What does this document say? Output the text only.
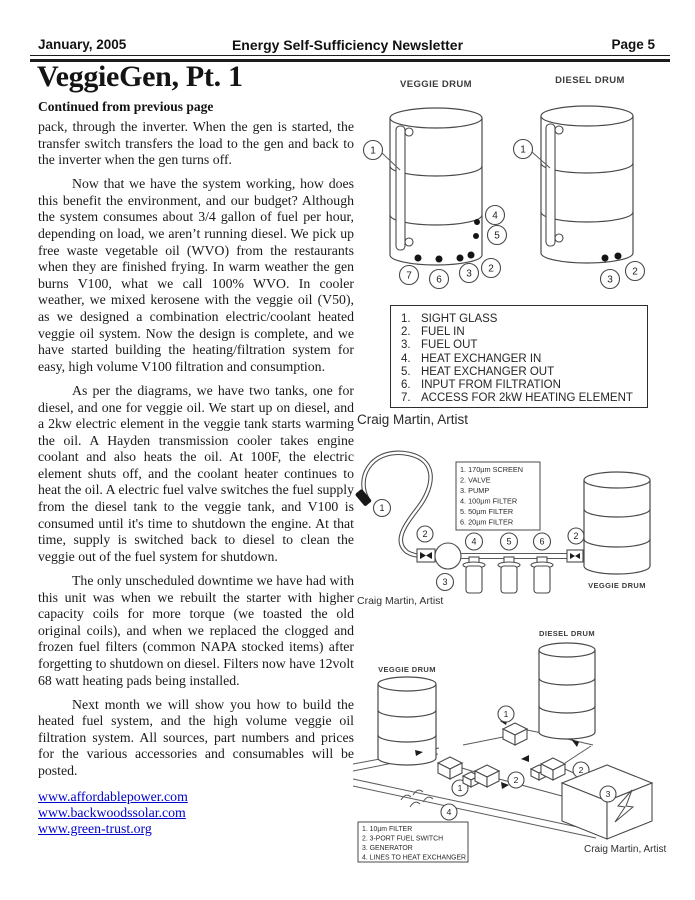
January, 2005	Energy Self-Sufficiency Newsletter	Page 5
VeggieGen, Pt. 1
Continued from previous page

pack, through the inverter. When the gen is started, the transfer switch transfers the load to the gen and back to the inverter when the gen turns off.

Now that we have the system working, how does this benefit the environment, and our budget? Although the system consumes about 3/4 gallon of fuel per hour, depending on load, we aren’t running diesel. We pick up free waste vegetable oil (WVO) from the restaurants when they are finished frying. In warm weather the gen burns V100, what we call 100% WVO. In cooler weather, we mixed kerosene with the veggie oil (V50), as we designed a combination electric/coolant heated veggie oil system. Now the design is complete, and we have started building the heating/filtration system for easy, high volume V100 filtration and consumption.

As per the diagrams, we have two tanks, one for diesel, and one for veggie oil. We start up on diesel, and a 2kw electric element in the veggie tank starts warming the oil. A Hayden transmission cooler takes engine coolant and also heats the oil. At 100F, the electric element shuts off, and the coolant heater continues to heat the oil. A electric fuel valve switches the fuel supply from the diesel tank to the veggie tank, and V100 is consumed until it's time to shutdown the engine. At that time, supply is switched back to diesel to clean the veggie out of the fuel system for shutdown.

The only unscheduled downtime we have had with this unit was when we rebuilt the starter with higher capacity coils for more torque (we toasted the old original coils), and when we replaced the clogged and frozen fuel filters (common NAPA stocked items) after forgetting to shutdown on diesel. Filters now have 12volt 68 watt heating pads being installed.

Next month we will show you how to build the heated fuel system, and the high volume veggie oil filtration system. All sources, part numbers and prices for the various accessories and consumables will be posted.

www.affordablepower.com
www.backwoodssolar.com
www.green-trust.org
VEGGIE DRUM	DIESEL DRUM
1
4
5
7 6
3 2
1
3
2
1. SIGHT GLASS
2. FUEL IN
3. FUEL OUT
4. HEAT EXCHANGER IN
5. HEAT EXCHANGER OUT
6. INPUT FROM FILTRATION
7. ACCESS FOR 2kW HEATING ELEMENT
Craig Martin, Artist
1
2
3
4	5	6
2
VEGGIE DRUM
1. 170µm SCREEN
2. VALVE
3. PUMP
4. 100µm FILTER
5. 50µm FILTER
6. 20µm FILTER
Craig Martin, Artist
DIESEL DRUM
VEGGIE DRUM
1
1
2
2
3
4
1. 10µm FILTER
2. 3-PORT FUEL SWITCH
3. GENERATOR
4. LINES TO HEAT EXCHANGER
Craig Martin, Artist
